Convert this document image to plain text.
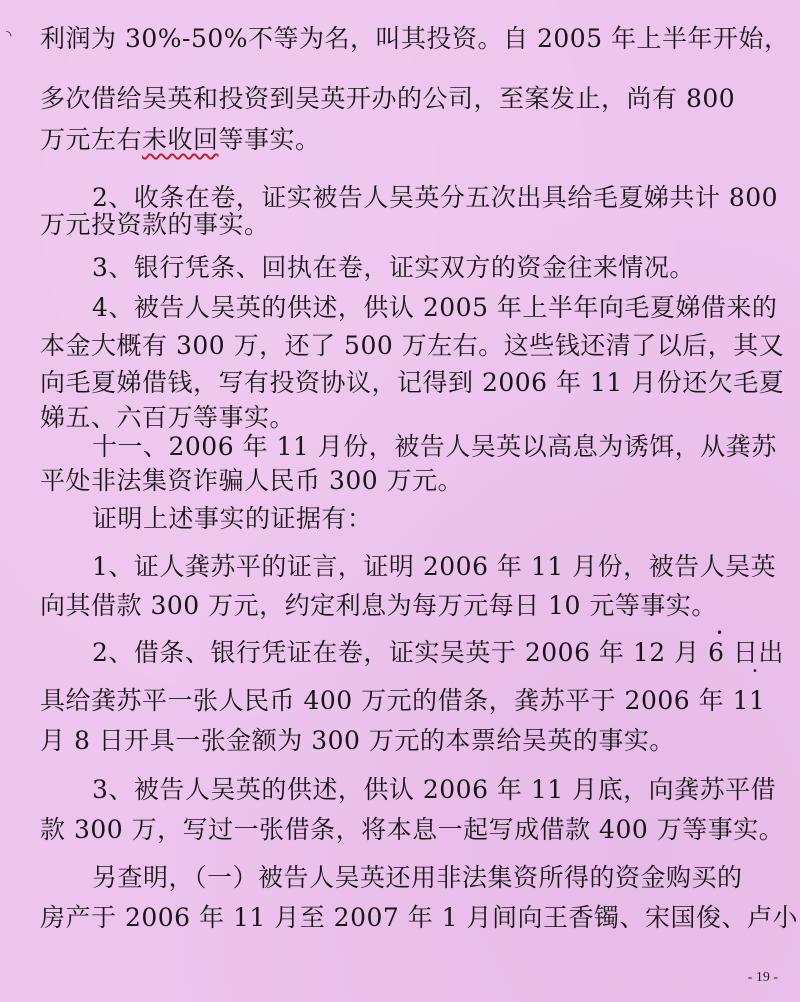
◝
•
•
利润为 30%-50%不等为名，叫其投资。自 2005 年上半年开始，
多次借给吴英和投资到吴英开办的公司，至案发止，尚有 800
万元左右未收回等事实。
2、收条在卷，证实被告人吴英分五次出具给毛夏娣共计 800
万元投资款的事实。
3、银行凭条、回执在卷，证实双方的资金往来情况。
4、被告人吴英的供述，供认 2005 年上半年向毛夏娣借来的
本金大概有 300 万，还了 500 万左右。这些钱还清了以后，其又
向毛夏娣借钱，写有投资协议，记得到 2006 年 11 月份还欠毛夏
娣五、六百万等事实。
十一、2006 年 11 月份，被告人吴英以高息为诱饵，从龚苏
平处非法集资诈骗人民币 300 万元。
证明上述事实的证据有：
1、证人龚苏平的证言，证明 2006 年 11 月份，被告人吴英
向其借款 300 万元，约定利息为每万元每日 10 元等事实。
2、借条、银行凭证在卷，证实吴英于 2006 年 12 月 6 日出
具给龚苏平一张人民币 400 万元的借条，龚苏平于 2006 年 11
月 8 日开具一张金额为 300 万元的本票给吴英的事实。
3、被告人吴英的供述，供认 2006 年 11 月底，向龚苏平借
款 300 万，写过一张借条，将本息一起写成借款 400 万等事实。
另查明，（一）被告人吴英还用非法集资所得的资金购买的
房产于 2006 年 11 月至 2007 年 1 月间向王香镯、宋国俊、卢小
- 19 -
